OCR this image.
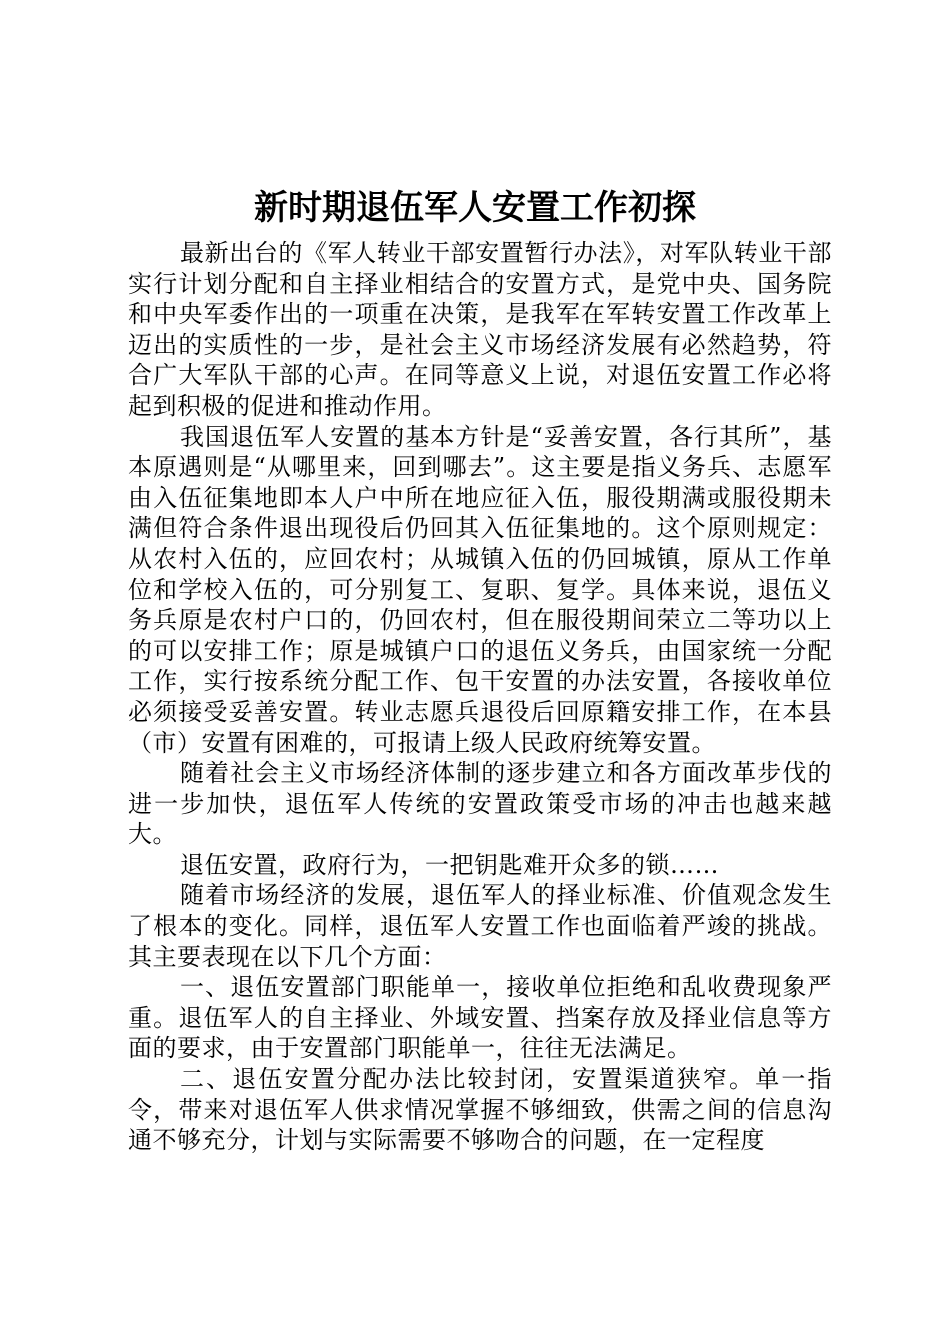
新时期退伍军人安置工作初探

最新出台的《军人转业干部安置暂行办法》，对军队转业干部实行计划分配和自主择业相结合的安置方式，是党中央、国务院和中央军委作出的一项重在决策，是我军在军转安置工作改革上迈出的实质性的一步，是社会主义市场经济发展有必然趋势，符合广大军队干部的心声。在同等意义上说，对退伍安置工作必将起到积极的促进和推动作用。

我国退伍军人安置的基本方针是“妥善安置，各行其所”，基本原遇则是“从哪里来，回到哪去”。这主要是指义务兵、志愿军由入伍征集地即本人户中所在地应征入伍，服役期满或服役期未满但符合条件退出现役后仍回其入伍征集地的。这个原则规定：从农村入伍的，应回农村；从城镇入伍的仍回城镇，原从工作单位和学校入伍的，可分别复工、复职、复学。具体来说，退伍义务兵原是农村户口的，仍回农村，但在服役期间荣立二等功以上的可以安排工作；原是城镇户口的退伍义务兵，由国家统一分配工作，实行按系统分配工作、包干安置的办法安置，各接收单位必须接受妥善安置。转业志愿兵退役后回原籍安排工作，在本县（市）安置有困难的，可报请上级人民政府统筹安置。

随着社会主义市场经济体制的逐步建立和各方面改革步伐的进一步加快，退伍军人传统的安置政策受市场的冲击也越来越大。

退伍安置，政府行为，一把钥匙难开众多的锁……

随着市场经济的发展，退伍军人的择业标准、价值观念发生了根本的变化。同样，退伍军人安置工作也面临着严竣的挑战。其主要表现在以下几个方面：

一、退伍安置部门职能单一，接收单位拒绝和乱收费现象严重。退伍军人的自主择业、外域安置、挡案存放及择业信息等方面的要求，由于安置部门职能单一，往往无法满足。

二、退伍安置分配办法比较封闭，安置渠道狭窄。单一指令，带来对退伍军人供求情况掌握不够细致，供需之间的信息沟通不够充分，计划与实际需要不够吻合的问题，在一定程度
